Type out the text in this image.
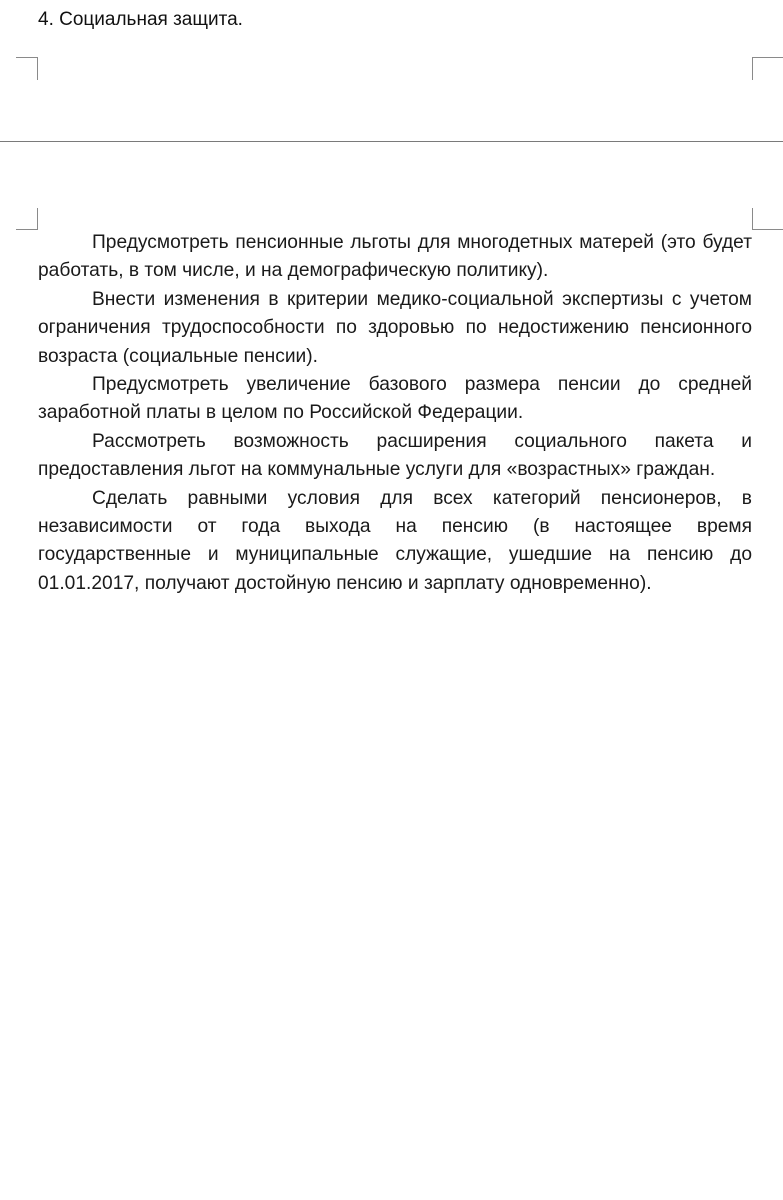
4. Социальная защита.

Предусмотреть пенсионные льготы для многодетных матерей (это будет работать, в том числе, и на демографическую политику).

Внести изменения в критерии медико-социальной экспертизы с учетом ограничения трудоспособности по здоровью по недостижению пенсионного возраста (социальные пенсии).

Предусмотреть увеличение базового размера пенсии до средней заработной платы в целом по Российской Федерации.

Рассмотреть возможность расширения социального пакета и предоставления льгот на коммунальные услуги для «возрастных» граждан.

Сделать равными условия для всех категорий пенсионеров, в независимости от года выхода на пенсию (в настоящее время государственные и муниципальные служащие, ушедшие на пенсию до 01.01.2017, получают достойную пенсию и зарплату одновременно).
